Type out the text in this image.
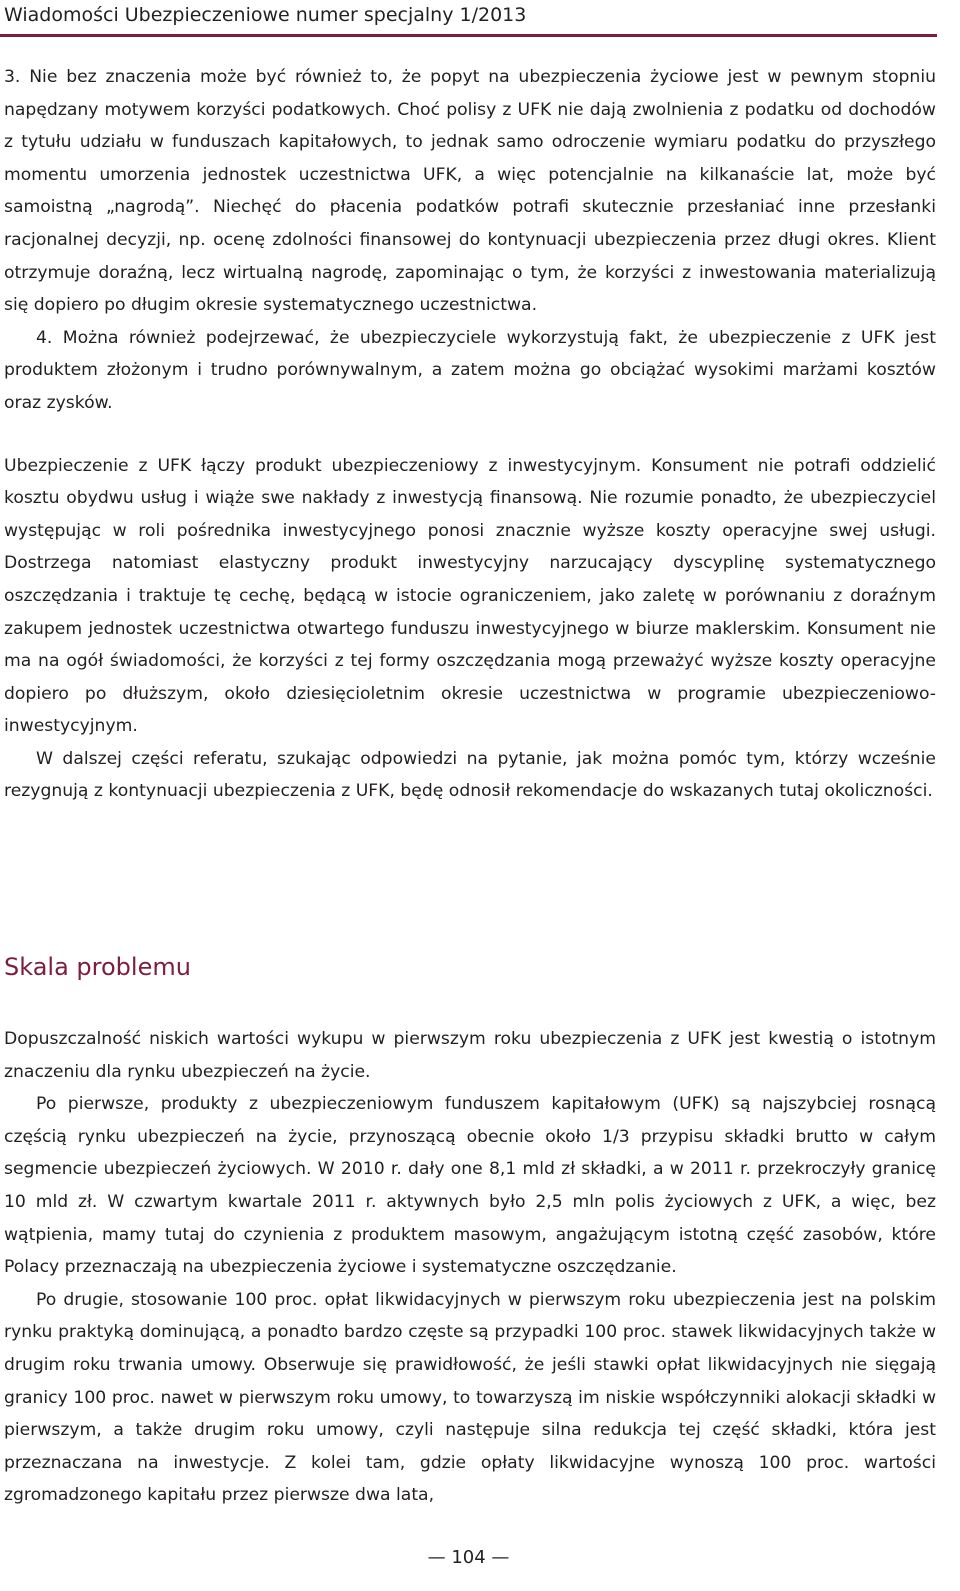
Wiadomości Ubezpieczeniowe numer specjalny 1/2013

3. Nie bez znaczenia może być również to, że popyt na ubezpieczenia życiowe jest w pewnym stopniu napędzany motywem korzyści podatkowych. Choć polisy z UFK nie dają zwolnienia z podatku od dochodów z tytułu udziału w funduszach kapitałowych, to jednak samo odroczenie wymiaru podatku do przyszłego momentu umorzenia jednostek uczestnictwa UFK, a więc potencjalnie na kilkanaście lat, może być samoistną „nagrodą”. Niechęć do płacenia podatków potrafi skutecznie przesłaniać inne przesłanki racjonalnej decyzji, np. ocenę zdolności finansowej do kontynuacji ubezpieczenia przez długi okres. Klient otrzymuje doraźną, lecz wirtualną nagrodę, zapominając o tym, że korzyści z inwestowania materializują się dopiero po długim okresie systematycznego uczestnictwa.

4. Można również podejrzewać, że ubezpieczyciele wykorzystują fakt, że ubezpieczenie z UFK jest produktem złożonym i trudno porównywalnym, a zatem można go obciążać wysokimi marżami kosztów oraz zysków.

Ubezpieczenie z UFK łączy produkt ubezpieczeniowy z inwestycyjnym. Konsument nie potrafi oddzielić kosztu obydwu usług i wiąże swe nakłady z inwestycją finansową. Nie rozumie ponadto, że ubezpieczyciel występując w roli pośrednika inwestycyjnego ponosi znacznie wyższe koszty operacyjne swej usługi. Dostrzega natomiast elastyczny produkt inwestycyjny narzucający dyscyplinę systematycznego oszczędzania i traktuje tę cechę, będącą w istocie ograniczeniem, jako zaletę w porównaniu z doraźnym zakupem jednostek uczestnictwa otwartego funduszu inwestycyjnego w biurze maklerskim. Konsument nie ma na ogół świadomości, że korzyści z tej formy oszczędzania mogą przeważyć wyższe koszty operacyjne dopiero po dłuższym, około dziesięcioletnim okresie uczestnictwa w programie ubezpieczeniowo-inwestycyjnym.

W dalszej części referatu, szukając odpowiedzi na pytanie, jak można pomóc tym, którzy wcześnie rezygnują z kontynuacji ubezpieczenia z UFK, będę odnosił rekomendacje do wskazanych tutaj okoliczności.

Skala problemu

Dopuszczalność niskich wartości wykupu w pierwszym roku ubezpieczenia z UFK jest kwestią o istotnym znaczeniu dla rynku ubezpieczeń na życie.

Po pierwsze, produkty z ubezpieczeniowym funduszem kapitałowym (UFK) są najszybciej rosnącą częścią rynku ubezpieczeń na życie, przynoszącą obecnie około 1/3 przypisu składki brutto w całym segmencie ubezpieczeń życiowych. W 2010 r. dały one 8,1 mld zł składki, a w 2011 r. przekroczyły granicę 10 mld zł. W czwartym kwartale 2011 r. aktywnych było 2,5 mln polis życiowych z UFK, a więc, bez wątpienia, mamy tutaj do czynienia z produktem masowym, angażującym istotną część zasobów, które Polacy przeznaczają na ubezpieczenia życiowe i systematyczne oszczędzanie.

Po drugie, stosowanie 100 proc. opłat likwidacyjnych w pierwszym roku ubezpieczenia jest na polskim rynku praktyką dominującą, a ponadto bardzo częste są przypadki 100 proc. stawek likwidacyjnych także w drugim roku trwania umowy. Obserwuje się prawidłowość, że jeśli stawki opłat likwidacyjnych nie sięgają granicy 100 proc. nawet w pierwszym roku umowy, to towarzyszą im niskie współczynniki alokacji składki w pierwszym, a także drugim roku umowy, czyli następuje silna redukcja tej część składki, która jest przeznaczana na inwestycje. Z kolei tam, gdzie opłaty likwidacyjne wynoszą 100 proc. wartości zgromadzonego kapitału przez pierwsze dwa lata,

— 104 —
